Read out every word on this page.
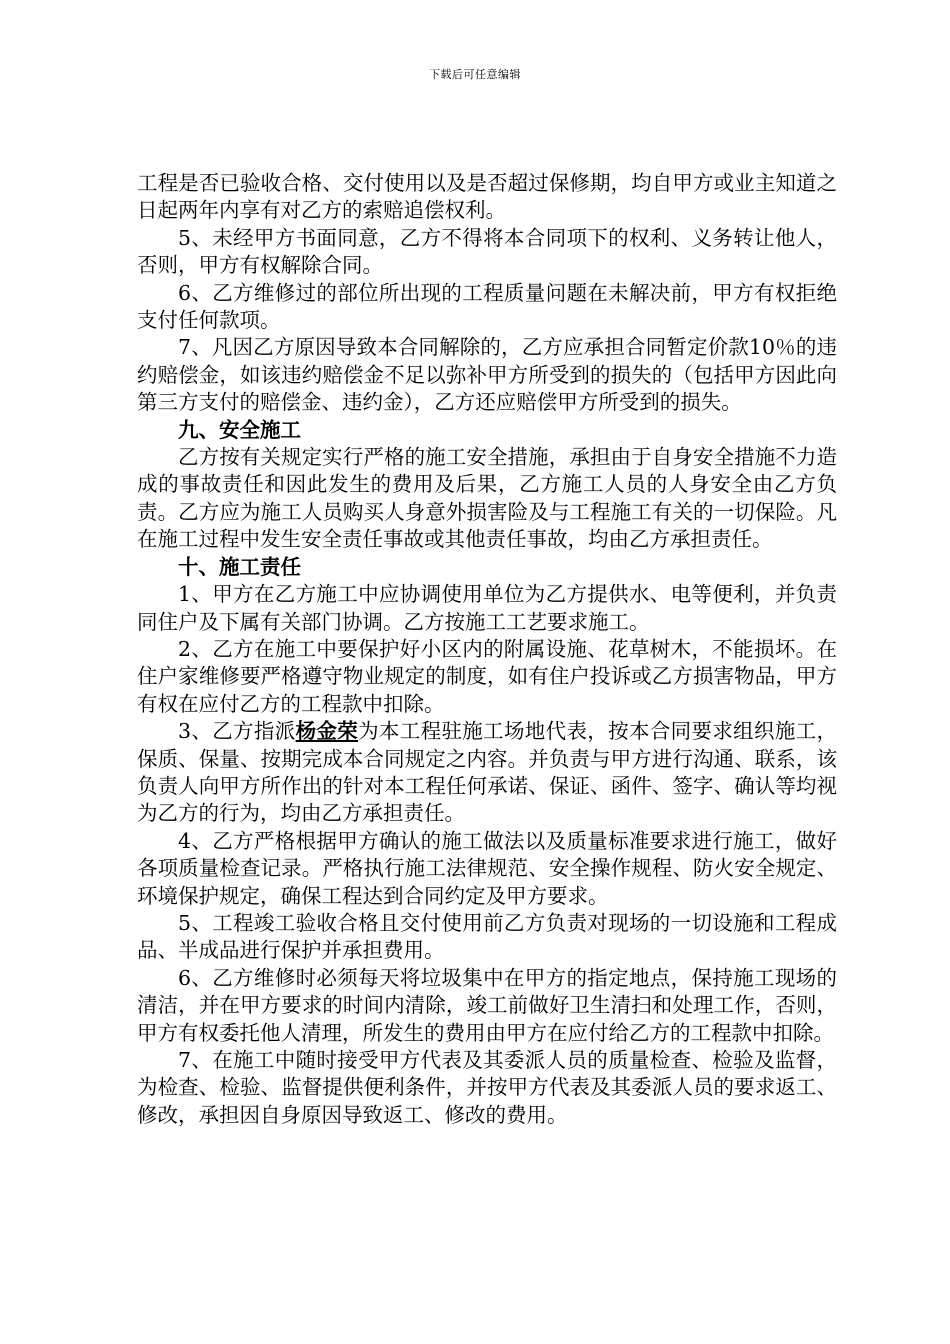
下载后可任意编辑

工程是否已验收合格、交付使用以及是否超过保修期，均自甲方或业主知道之日起两年内享有对乙方的索赔追偿权利。

5、未经甲方书面同意，乙方不得将本合同项下的权利、义务转让他人，否则，甲方有权解除合同。

6、乙方维修过的部位所出现的工程质量问题在未解决前，甲方有权拒绝支付任何款项。

7、凡因乙方原因导致本合同解除的，乙方应承担合同暂定价款10％的违约赔偿金，如该违约赔偿金不足以弥补甲方所受到的损失的（包括甲方因此向第三方支付的赔偿金、违约金），乙方还应赔偿甲方所受到的损失。

九、安全施工

乙方按有关规定实行严格的施工安全措施，承担由于自身安全措施不力造成的事故责任和因此发生的费用及后果，乙方施工人员的人身安全由乙方负责。乙方应为施工人员购买人身意外损害险及与工程施工有关的一切保险。凡在施工过程中发生安全责任事故或其他责任事故，均由乙方承担责任。

十、施工责任

1、甲方在乙方施工中应协调使用单位为乙方提供水、电等便利，并负责同住户及下属有关部门协调。乙方按施工工艺要求施工。

2、乙方在施工中要保护好小区内的附属设施、花草树木，不能损坏。在住户家维修要严格遵守物业规定的制度，如有住户投诉或乙方损害物品，甲方有权在应付乙方的工程款中扣除。

3、乙方指派杨金荣为本工程驻施工场地代表，按本合同要求组织施工，保质、保量、按期完成本合同规定之内容。并负责与甲方进行沟通、联系，该负责人向甲方所作出的针对本工程任何承诺、保证、函件、签字、确认等均视为乙方的行为，均由乙方承担责任。

4、乙方严格根据甲方确认的施工做法以及质量标准要求进行施工，做好各项质量检查记录。严格执行施工法律规范、安全操作规程、防火安全规定、环境保护规定，确保工程达到合同约定及甲方要求。

5、工程竣工验收合格且交付使用前乙方负责对现场的一切设施和工程成品、半成品进行保护并承担费用。

6、乙方维修时必须每天将垃圾集中在甲方的指定地点，保持施工现场的清洁，并在甲方要求的时间内清除，竣工前做好卫生清扫和处理工作，否则，甲方有权委托他人清理，所发生的费用由甲方在应付给乙方的工程款中扣除。

7、在施工中随时接受甲方代表及其委派人员的质量检查、检验及监督，为检查、检验、监督提供便利条件，并按甲方代表及其委派人员的要求返工、修改，承担因自身原因导致返工、修改的费用。
